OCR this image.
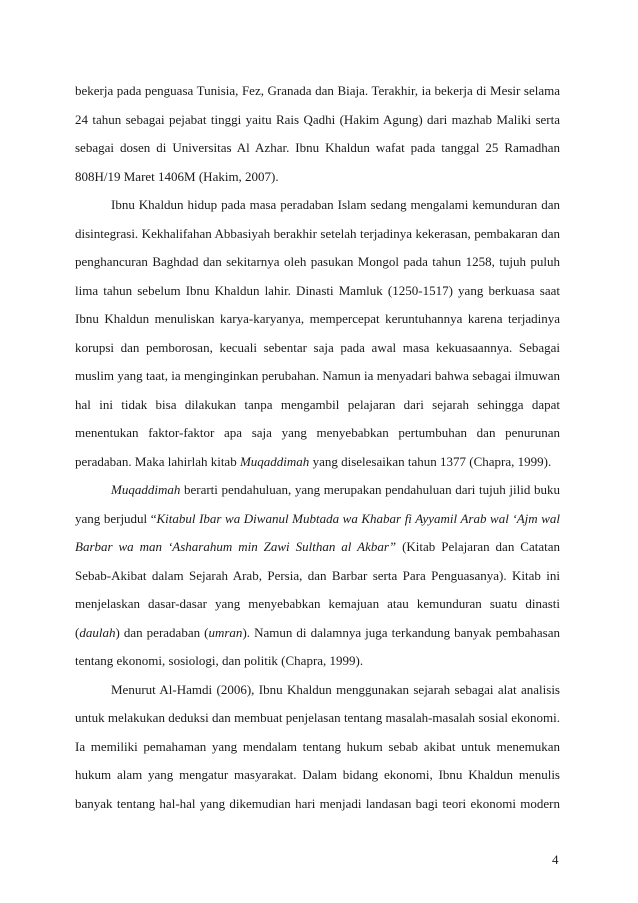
bekerja pada penguasa Tunisia, Fez, Granada dan Biaja. Terakhir, ia bekerja di Mesir selama
24 tahun sebagai pejabat tinggi yaitu Rais Qadhi (Hakim Agung) dari mazhab Maliki serta
sebagai dosen di Universitas Al Azhar. Ibnu Khaldun wafat pada tanggal 25 Ramadhan
808H/19 Maret 1406M (Hakim, 2007).
Ibnu Khaldun hidup pada masa peradaban Islam sedang mengalami kemunduran dan
disintegrasi. Kekhalifahan Abbasiyah berakhir setelah terjadinya kekerasan, pembakaran dan
penghancuran Baghdad dan sekitarnya oleh pasukan Mongol pada tahun 1258, tujuh puluh
lima tahun sebelum Ibnu Khaldun lahir. Dinasti Mamluk (1250-1517) yang berkuasa saat
Ibnu Khaldun menuliskan karya-karyanya, mempercepat keruntuhannya karena terjadinya
korupsi dan pemborosan, kecuali sebentar saja pada awal masa kekuasaannya. Sebagai
muslim yang taat, ia menginginkan perubahan. Namun ia menyadari bahwa sebagai ilmuwan
hal ini tidak bisa dilakukan tanpa mengambil pelajaran dari sejarah sehingga dapat
menentukan faktor-faktor apa saja yang menyebabkan pertumbuhan dan penurunan
peradaban. Maka lahirlah kitab Muqaddimah yang diselesaikan tahun 1377 (Chapra, 1999).
Muqaddimah berarti pendahuluan, yang merupakan pendahuluan dari tujuh jilid buku
yang berjudul “Kitabul Ibar wa Diwanul Mubtada wa Khabar fi Ayyamil Arab wal ‘Ajm wal
Barbar wa man ‘Asharahum min Zawi Sulthan al Akbar” (Kitab Pelajaran dan Catatan
Sebab-Akibat dalam Sejarah Arab, Persia, dan Barbar serta Para Penguasanya). Kitab ini
menjelaskan dasar-dasar yang menyebabkan kemajuan atau kemunduran suatu dinasti
(daulah) dan peradaban (umran). Namun di dalamnya juga terkandung banyak pembahasan
tentang ekonomi, sosiologi, dan politik (Chapra, 1999).
Menurut Al-Hamdi (2006), Ibnu Khaldun menggunakan sejarah sebagai alat analisis
untuk melakukan deduksi dan membuat penjelasan tentang masalah-masalah sosial ekonomi.
Ia memiliki pemahaman yang mendalam tentang hukum sebab akibat untuk menemukan
hukum alam yang mengatur masyarakat. Dalam bidang ekonomi, Ibnu Khaldun menulis
banyak tentang hal-hal yang dikemudian hari menjadi landasan bagi teori ekonomi modern
4
